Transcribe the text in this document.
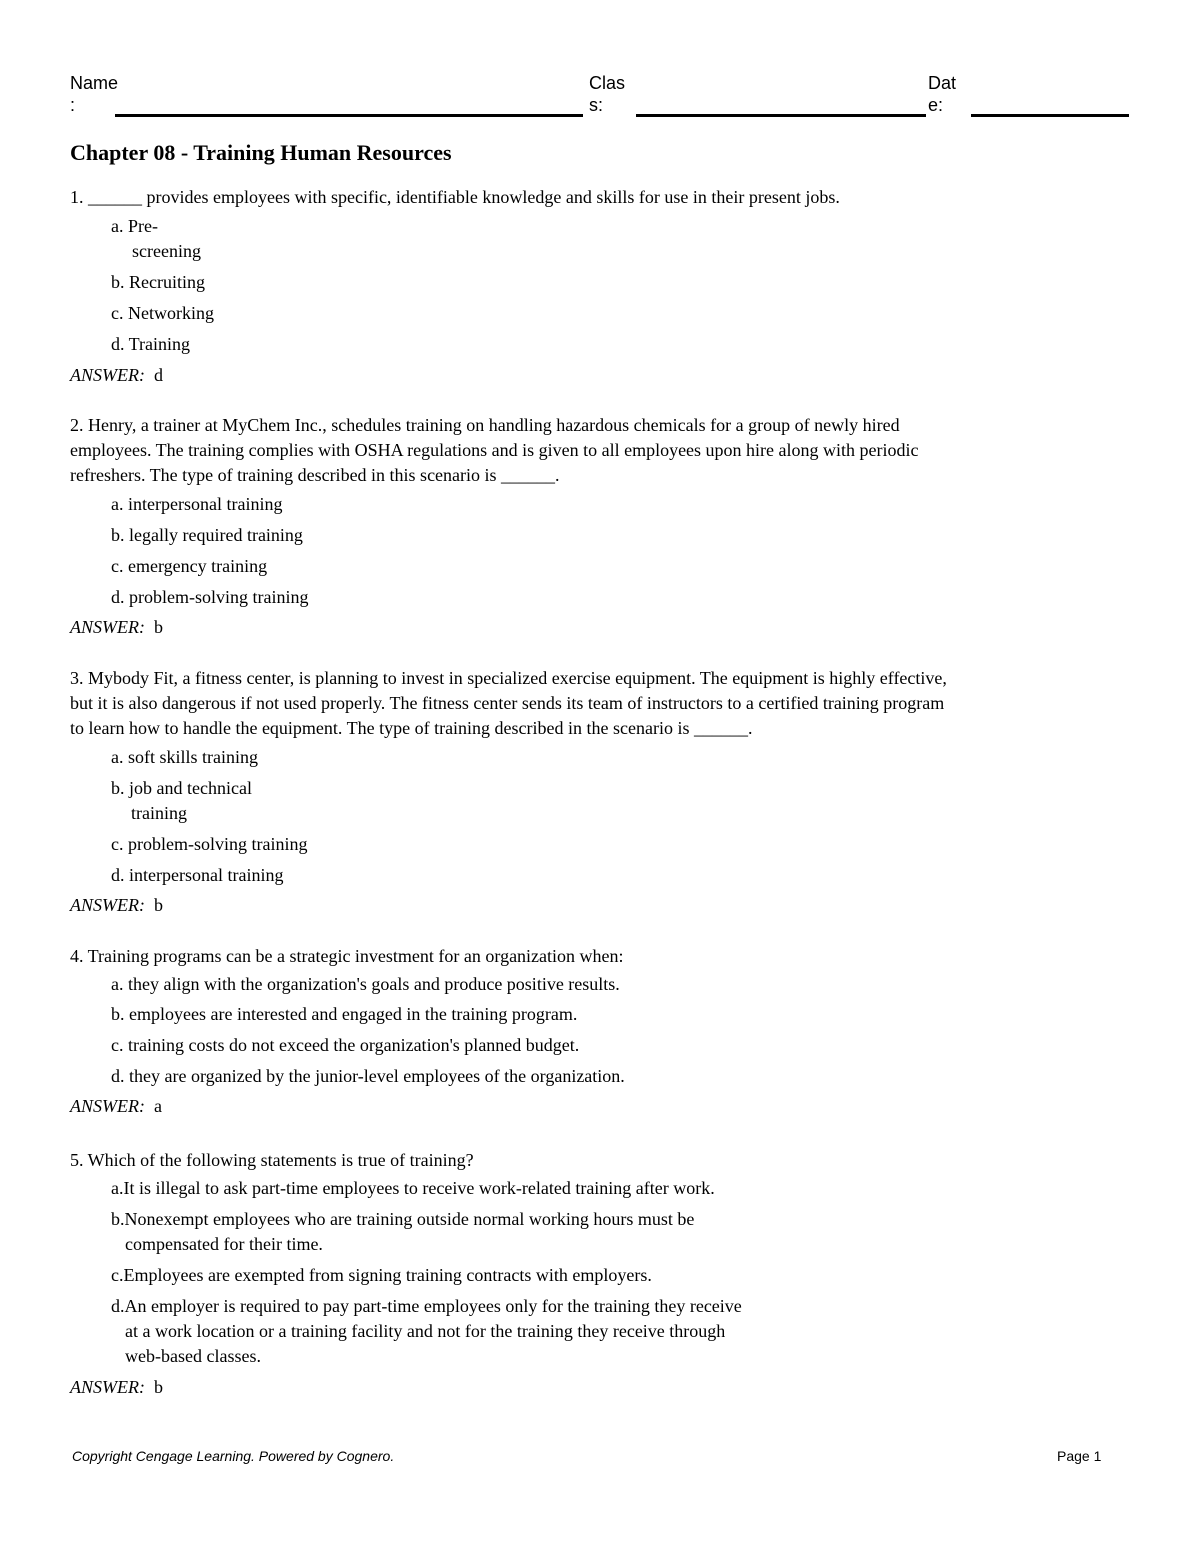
Name
:
Clas
s:
Dat
e:
Chapter 08 - Training Human Resources
1. ______ provides employees with specific, identifiable knowledge and skills for use in their present jobs.
a. Pre-
screening
b. Recruiting
c. Networking
d. Training
ANSWER: d
2. Henry, a trainer at MyChem Inc., schedules training on handling hazardous chemicals for a group of newly hired
employees. The training complies with OSHA regulations and is given to all employees upon hire along with periodic
refreshers. The type of training described in this scenario is ______.
a. interpersonal training
b. legally required training
c. emergency training
d. problem-solving training
ANSWER: b
3. Mybody Fit, a fitness center, is planning to invest in specialized exercise equipment. The equipment is highly effective,
but it is also dangerous if not used properly. The fitness center sends its team of instructors to a certified training program
to learn how to handle the equipment. The type of training described in the scenario is ______.
a. soft skills training
b. job and technical
training
c. problem-solving training
d. interpersonal training
ANSWER: b
4. Training programs can be a strategic investment for an organization when:
a. they align with the organization's goals and produce positive results.
b. employees are interested and engaged in the training program.
c. training costs do not exceed the organization's planned budget.
d. they are organized by the junior-level employees of the organization.
ANSWER: a
5. Which of the following statements is true of training?
a.It is illegal to ask part-time employees to receive work-related training after work.
b.Nonexempt employees who are training outside normal working hours must be
compensated for their time.
c.Employees are exempted from signing training contracts with employers.
d.An employer is required to pay part-time employees only for the training they receive
at a work location or a training facility and not for the training they receive through
web-based classes.
ANSWER: b
Copyright Cengage Learning. Powered by Cognero.	Page 1
